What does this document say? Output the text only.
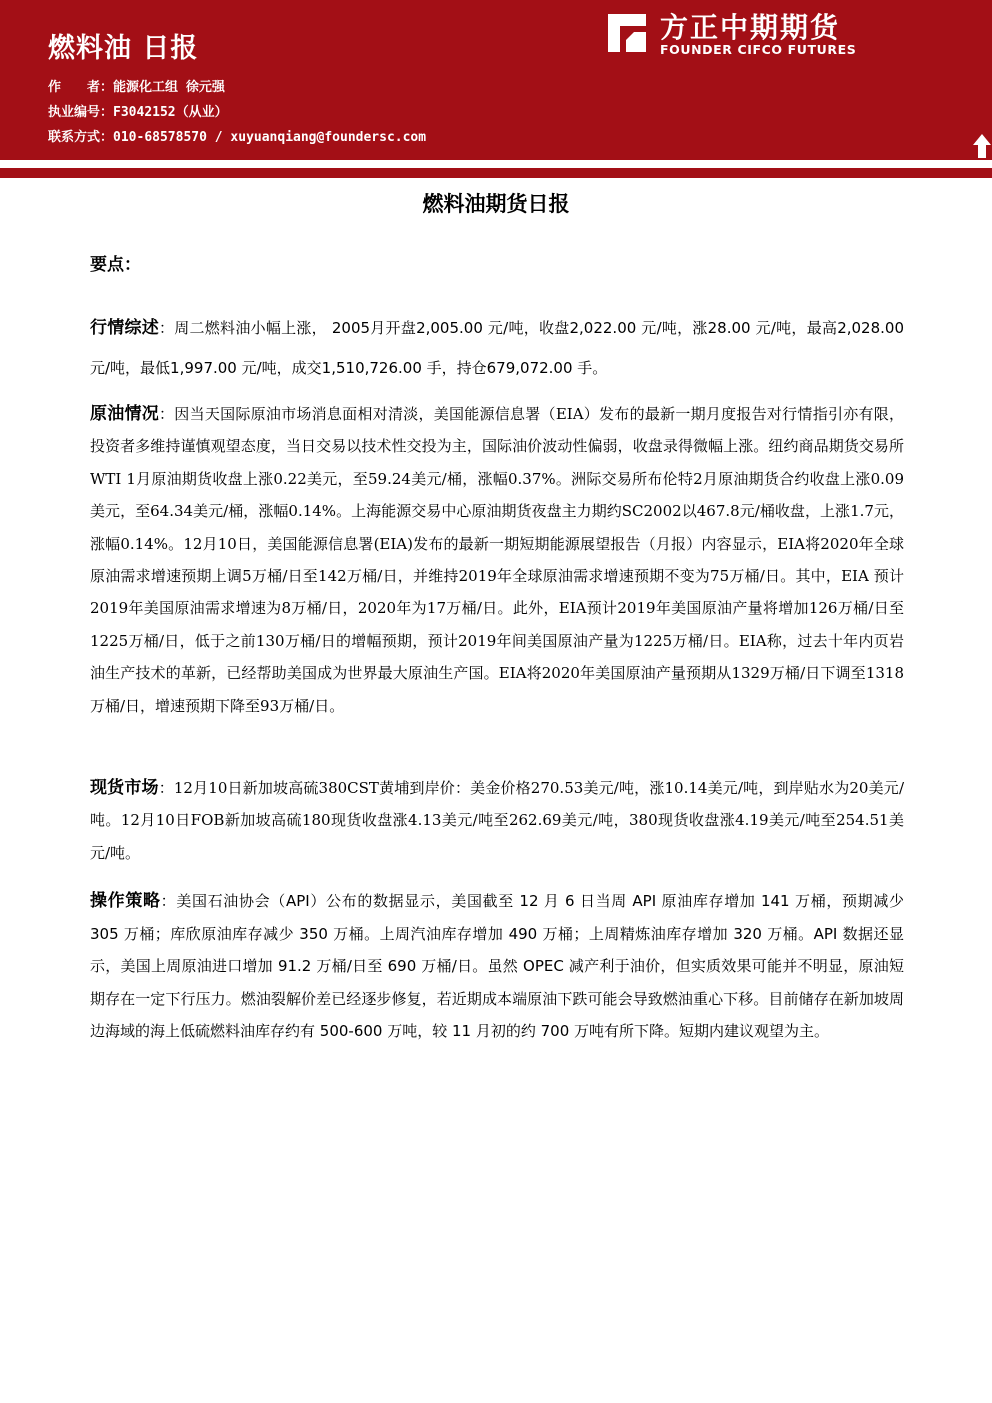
燃料油 日报
作　　者：能源化工组 徐元强
执业编号：F3042152（从业）
联系方式：010-68578570 / xuyuanqiang@foundersc.com
方正中期期货
FOUNDER CIFCO FUTURES
燃料油期货日报
要点：
行情综述：周二燃料油小幅上涨， 2005月开盘2,005.00 元/吨，收盘2,022.00 元/吨，涨28.00 元/吨，最高2,028.00 元/吨，最低1,997.00 元/吨，成交1,510,726.00 手，持仓679,072.00 手。
原油情况：因当天国际原油市场消息面相对清淡，美国能源信息署（EIA）发布的最新一期月度报告对行情指引亦有限，投资者多维持谨慎观望态度，当日交易以技术性交投为主，国际油价波动性偏弱，收盘录得微幅上涨。纽约商品期货交易所WTI 1月原油期货收盘上涨0.22美元，至59.24美元/桶，涨幅0.37%。洲际交易所布伦特2月原油期货合约收盘上涨0.09美元，至64.34美元/桶，涨幅0.14%。上海能源交易中心原油期货夜盘主力期约SC2002以467.8元/桶收盘，上涨1.7元，涨幅0.14%。12月10日，美国能源信息署(EIA)发布的最新一期短期能源展望报告（月报）内容显示，EIA将2020年全球原油需求增速预期上调5万桶/日至142万桶/日，并维持2019年全球原油需求增速预期不变为75万桶/日。其中，EIA 预计2019年美国原油需求增速为8万桶/日，2020年为17万桶/日。此外，EIA预计2019年美国原油产量将增加126万桶/日至1225万桶/日，低于之前130万桶/日的增幅预期，预计2019年间美国原油产量为1225万桶/日。EIA称，过去十年内页岩油生产技术的革新，已经帮助美国成为世界最大原油生产国。EIA将2020年美国原油产量预期从1329万桶/日下调至1318万桶/日，增速预期下降至93万桶/日。
现货市场：12月10日新加坡高硫380CST黄埔到岸价：美金价格270.53美元/吨，涨10.14美元/吨，到岸贴水为20美元/吨。12月10日FOB新加坡高硫180现货收盘涨4.13美元/吨至262.69美元/吨，380现货收盘涨4.19美元/吨至254.51美元/吨。
操作策略：美国石油协会（API）公布的数据显示，美国截至 12 月 6 日当周 API 原油库存增加 141 万桶，预期减少 305 万桶；库欣原油库存减少 350 万桶。上周汽油库存增加 490 万桶；上周精炼油库存增加 320 万桶。API 数据还显示，美国上周原油进口增加 91.2 万桶/日至 690 万桶/日。虽然 OPEC 减产利于油价，但实质效果可能并不明显，原油短期存在一定下行压力。燃油裂解价差已经逐步修复，若近期成本端原油下跌可能会导致燃油重心下移。目前储存在新加坡周边海域的海上低硫燃料油库存约有 500-600 万吨，较 11 月初的约 700 万吨有所下降。短期内建议观望为主。
